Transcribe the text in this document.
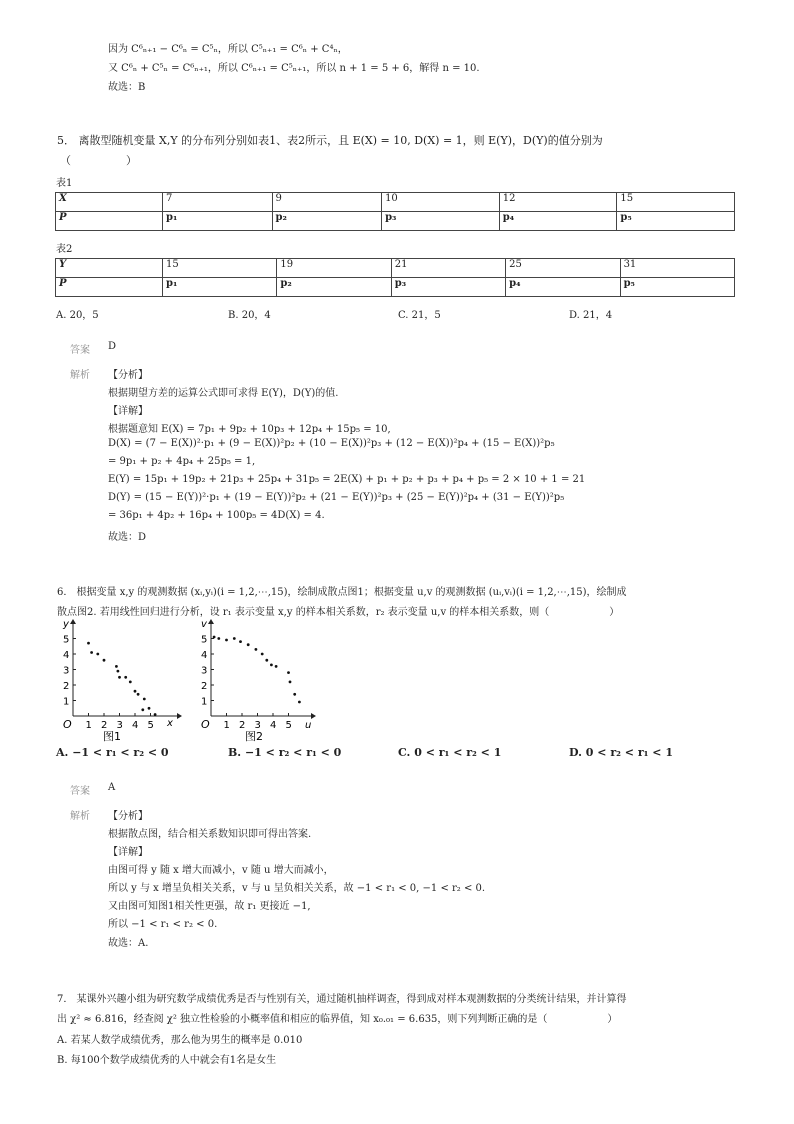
因为 C⁶ₙ₊₁ − C⁶ₙ = C⁵ₙ，所以 C⁵ₙ₊₁ = C⁶ₙ + C⁴ₙ，
又 C⁶ₙ + C⁵ₙ = C⁶ₙ₊₁，所以 C⁶ₙ₊₁ = C⁵ₙ₊₁，所以 n + 1 = 5 + 6，解得 n = 10.
故选：B
5． 离散型随机变量 X,Y 的分布列分别如表1、表2所示，且 E(X) = 10, D(X) = 1，则 E(Y)，D(Y)的值分别为
（　　　　　）
表1
X	7	9	10	12	15
P	p₁	p₂	p₃	p₄	p₅
表2
Y	15	19	21	25	31
P	p₁	p₂	p₃	p₄	p₅
A. 20，5	B. 20，4	C. 21，5	D. 21，4
答案 D
解析 【分析】
根据期望方差的运算公式即可求得 E(Y)，D(Y)的值.
【详解】
根据题意知 E(X) = 7p₁ + 9p₂ + 10p₃ + 12p₄ + 15p₅ = 10,
D(X) = (7 − E(X))²·p₁ + (9 − E(X))²p₂ + (10 − E(X))²p₃ + (12 − E(X))²p₄ + (15 − E(X))²p₅
= 9p₁ + p₂ + 4p₄ + 25p₅ = 1,
E(Y) = 15p₁ + 19p₂ + 21p₃ + 25p₄ + 31p₅ = 2E(X) + p₁ + p₂ + p₃ + p₄ + p₅ = 2 × 10 + 1 = 21
D(Y) = (15 − E(Y))²·p₁ + (19 − E(Y))²p₂ + (21 − E(Y))²p₃ + (25 − E(Y))²p₄ + (31 − E(Y))²p₅
= 36p₁ + 4p₂ + 16p₄ + 100p₅ = 4D(X) = 4.
故选：D
6． 根据变量 x,y 的观测数据 (xᵢ,yᵢ)(i = 1,2,⋯,15)，绘制成散点图1；根据变量 u,v 的观测数据 (uᵢ,vᵢ)(i = 1,2,⋯,15)，绘制成
散点图2. 若用线性回归进行分析，设 r₁ 表示变量 x,y 的样本相关系数，r₂ 表示变量 u,v 的样本相关系数，则（　　　　　　）
1 2 3 4 5
1
2
3
4
5
O	x
y
图1
1 2 3 4 5
1
2
3
4
5
O	u
v
图2
A. −1 < r₁ < r₂ < 0	B. −1 < r₂ < r₁ < 0	C. 0 < r₁ < r₂ < 1	D. 0 < r₂ < r₁ < 1
答案 A
解析 【分析】
根据散点图，结合相关系数知识即可得出答案.
【详解】
由图可得 y 随 x 增大而减小，v 随 u 增大而减小，
所以 y 与 x 增呈负相关关系，v 与 u 呈负相关关系，故 −1 < r₁ < 0, −1 < r₂ < 0.
又由图可知图1相关性更强，故 r₁ 更接近 −1,
所以 −1 < r₁ < r₂ < 0.
故选：A.
7． 某课外兴趣小组为研究数学成绩优秀是否与性别有关，通过随机抽样调查，得到成对样本观测数据的分类统计结果，并计算得
出 χ² ≈ 6.816，经查阅 χ² 独立性检验的小概率值和相应的临界值，知 x₀.₀₁ = 6.635，则下列判断正确的是（　　　　　　）
A. 若某人数学成绩优秀，那么他为男生的概率是 0.010
B. 每100个数学成绩优秀的人中就会有1名是女生
